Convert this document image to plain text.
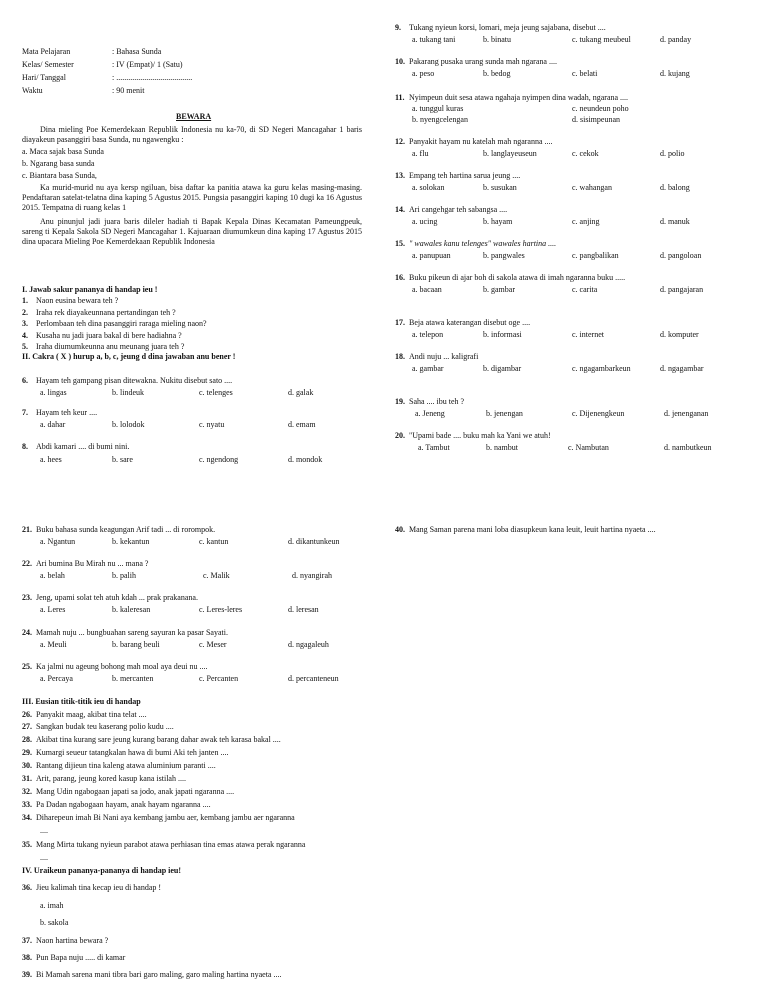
Mata Pelajaran	: Bahasa Sunda
Kelas/ Semester	: IV (Empat)/ 1 (Satu)
Hari/ Tanggal	: ......................................
Waktu	: 90 menit
BEWARA
Dina mieling Poe Kemerdekaan Republik Indonesia nu ka-70, di SD Negeri Mancagahar 1 baris diayakeun pasanggiri basa Sunda, nu ngawengku :
a. Maca sajak basa Sunda
b. Ngarang basa sunda
c. Biantara basa Sunda,
Ka murid-murid nu aya kersp ngiluan, bisa daftar ka panitia atawa ka guru kelas masing-masing. Pendaftaran satelat-telatna dina kaping 5 Agustus 2015. Pungsia pasanggiri kaping 10 dugi ka 16 Agustus 2015. Tempatna di ruang kelas 1
Anu pinunjul jadi juara baris dileler hadiah ti Bapak Kepala Dinas Kecamatan Pameungpeuk, sareng ti Kepala Sakola SD Negeri Mancagahar 1. Kajuaraan diumumkeun dina kaping 17 Agustus 2015 dina upacara Mieling Poe Kemerdekaan Republik Indonesia
I. Jawab sakur pananya di handap ieu !
1. Naon eusina bewara teh ?
2. Iraha rek diayakeunnana pertandingan teh ?
3. Perlombaan teh dina pasanggiri raraga mieling naon?
4. Kusaha nu jadi juara bakal di bere hadiahna ?
5. Iraha diumumkeunna anu meunang juara teh ?
II. Cakra ( X ) hurup a, b, c, jeung d dina jawaban anu bener !
6. Hayam teh gampang pisan ditewakna. Nukitu disebut sato ....
a. lingas	b. lindeuk	c. telenges	d. galak
7. Hayam teh keur ....
a. dahar	b. lolodok	c. nyatu	d. emam
8. Abdi kamari .... di bumi nini.
a. hees	b. sare	c. ngendong	d. mondok
9. Tukang nyieun korsi, lomari, meja jeung sajabana, disebut ....
a. tukang tani	b. binatu	c. tukang meubeul	d. panday
10. Pakarang pusaka urang sunda mah ngarana ....
a. peso	b. bedog	c. belati	d. kujang
11. Nyimpeun duit sesa atawa ngahaja nyimpen dina wadah, ngarana ....
a. tunggul kuras	c. neundeun poho
b. nyengcelengan	d. sisimpeunan
12. Panyakit hayam nu katelah mah ngaranna ....
a. flu	b. langlayeuseun	c. cekok	d. polio
13. Empang teh hartina sarua jeung ....
a. solokan	b. susukan	c. wahangan	d. balong
14. Ari cangehgar teh sabangsa ....
a. ucing	b. hayam	c. anjing	d. manuk
15. " wawales kanu telenges" wawales hartina ....
a. panupuan	b. pangwales	c. pangbalikan	d. pangoloan
16. Buku pikeun di ajar boh di sakola atawa di imah ngaranna buku .....
a. bacaan	b. gambar	c. carita	d. pangajaran
17. Beja atawa katerangan disebut oge ....
a. telepon	b. informasi	c. internet	d. komputer
18. Andi nuju ... kaligrafi
a. gambar	b. digambar	c. ngagambarkeun	d. ngagambar
19. Saha .... ibu teh ?
a. Jeneng	b. jenengan	c. Dijenengkeun	d. jenenganan
20. "Upami bade .... buku mah ka Yani we atuh!
a. Tambut	b. nambut	c. Nambutan	d. nambutkeun
21. Buku bahasa sunda keagungan Arif tadi ... di rorompok.
a. Ngantun	b. kekantun	c. kantun	d. dikantunkeun
22. Ari bumina Bu Mirah nu ... mana ?
a. belah	b. palih	c. Malik	d. nyangirah
23. Jeng, upami solat teh atuh kdah ... prak prakanana.
a. Leres	b. kaleresan	c. Leres-leres	d. leresan
24. Mamah nuju ... bungbuahan sareng sayuran ka pasar Sayati.
a. Meuli	b. barang beuli	c. Meser	d. ngagaleuh
25. Ka jalmi nu ageung bohong mah moal aya deui nu ....
a. Percaya	b. mercanten	c. Percanten	d. percanteneun
40. Mang Saman parena mani loba diasupkeun kana leuit, leuit hartina nyaeta ....
III. Eusian titik-titik ieu di handap
26. Panyakit maag, akibat tina telat ....
27. Sangkan budak teu kaserang polio kudu ....
28. Akibat tina kurang sare jeung kurang barang dahar awak teh karasa bakal ....
29. Kumargi seueur tatangkalan hawa di bumi Aki teh janten ....
30. Rantang dijieun tina kaleng atawa aluminium paranti ....
31. Arit, parang, jeung kored kasup kana istilah ....
32. Mang Udin ngabogaan japati sa jodo, anak japati ngaranna ....
33. Pa Dadan ngabogaan hayam, anak hayam ngaranna ....
34. Diharepeun imah Bi Nani aya kembang jambu aer, kembang jambu aer ngaranna
....
35. Mang Mirta tukang nyieun parabot atawa perhiasan tina emas atawa perak ngaranna
....
IV. Uraikeun pananya-pananya di handap ieu!
36. Jieu kalimah tina kecap ieu di handap !
a. imah
b. sakola
37. Naon hartina bewara ?
38. Pun Bapa nuju ..... di kamar
39. Bi Mamah sarena mani tibra bari garo maling, garo maling hartina nyaeta ....
